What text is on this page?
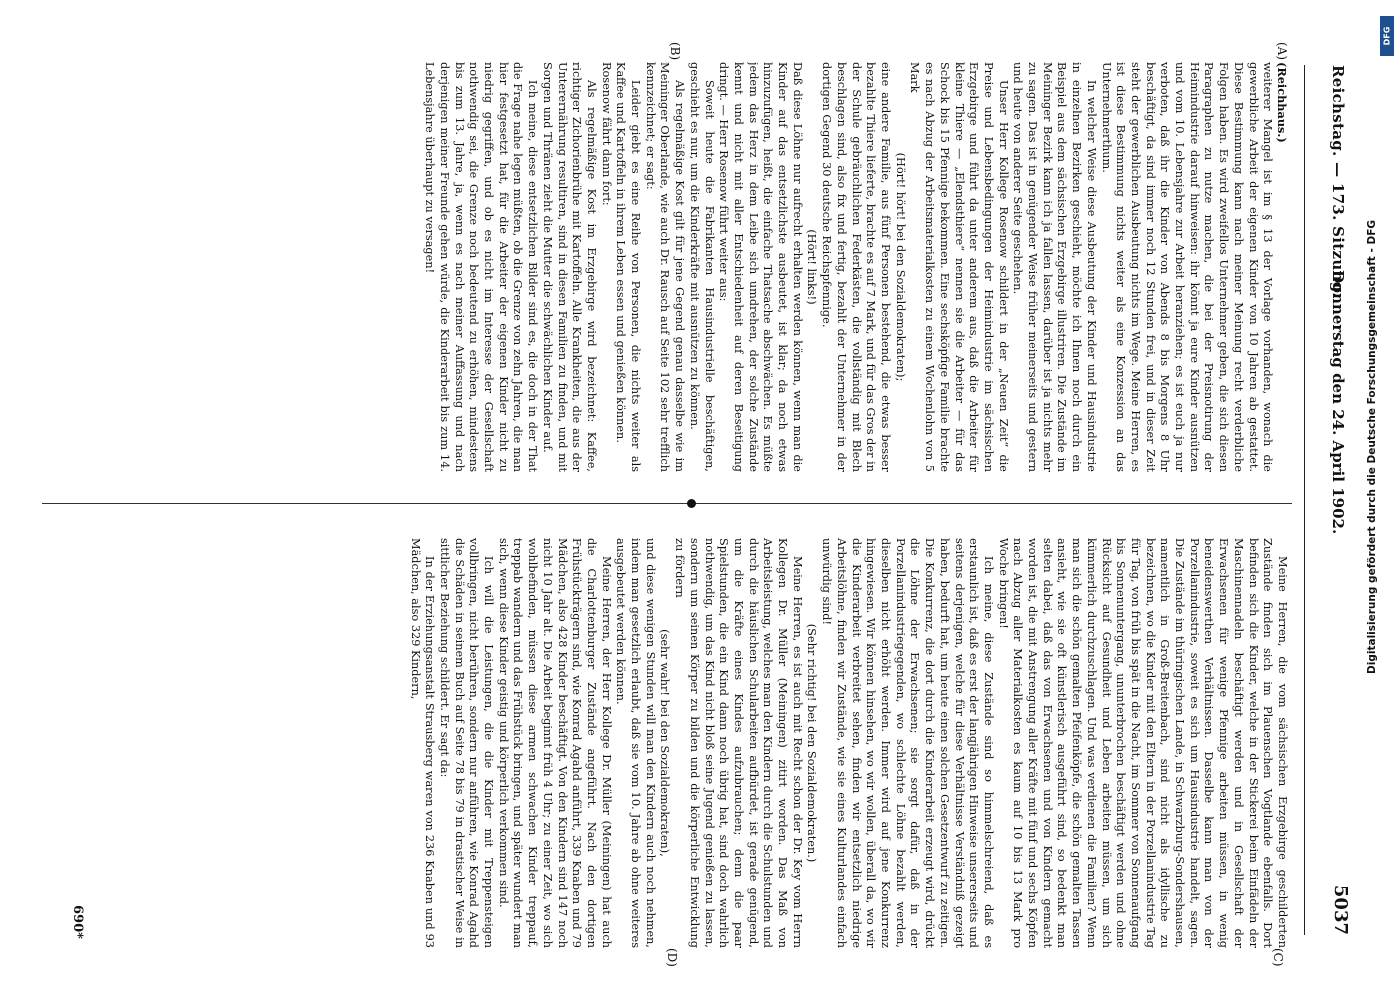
Reichstag. — 173. Sitzung.
Donnerstag den 24. April 1902.
5037
(A)
(B)
(C)
(D)

(Reichhaus.)

weiterer Mangel ist im § 13 der Vorlage vorhanden, wonach die gewerbliche Arbeit der eigenen Kinder von 10 Jahren ab gestattet. Diese Bestimmung kann nach meiner Meinung recht verderbliche Folgen haben. Es wird zweifellos Unternehmer geben, die sich diesen Paragraphen zu nutze machen, die bei der Preisnotirung der Heimindustrie darauf hinweisen: ihr könnt ja eure Kinder ausnützen und vom 10. Lebensjahre zur Arbeit heranziehen; es ist euch ja nur verboten, daß ihr die Kinder von Abends 8 bis Morgens 8 Uhr beschäftigt, da sind immer noch 12 Stunden frei, und in dieser Zeit steht der gewerblichen Ausbeutung nichts im Wege. Meine Herren, es ist diese Bestimmung nichts weiter als eine Konzession an das Unternehmerthum.

In welcher Weise diese Ausbeutung der Kinder und Hausindustrie in einzelnen Bezirken geschieht, möchte ich Ihnen noch durch ein Beispiel aus dem sächsischen Erzgebirge illustriren. Die Zustände im Meininger Bezirk kann ich ja fallen lassen, darüber ist ja nichts mehr zu sagen. Das ist in genügender Weise früher meinerseits und gestern und heute von anderer Seite geschehen.

Unser Herr Kollege Rosenow schildert in der „Neuen Zeit“ die Preise und Lebensbedingungen der Heimindustrie im sächsischen Erzgebirge und führt da unter anderem aus, daß die Arbeiter für kleine Thiere — „Elendsthiere“ nennen sie die Arbeiter — für das Schock bis 15 Pfennige bekommen. Eine sechsköpfige Familie brachte es nach Abzug der Arbeitsmaterialkosten zu einem Wochenlohn von 5 Mark

(Hört! hört! bei den Sozialdemokraten);

eine andere Familie, aus fünf Personen bestehend, die etwas besser bezahlte Thiere lieferte, brachte es auf 7 Mark, und für das Gros der in der Schule gebräuchlichen Federkästen, die vollständig mit Blech beschlagen sind, also fix und fertig, bezahlt der Unternehmer in der dortigen Gegend 30 deutsche Reichspfennige.

(Hört! links!)

Daß diese Löhne nur aufrecht erhalten werden können, wenn man die Kinder auf das entsetzlichste ausbeutet, ist klar; da noch etwas hinzuzufügen, heißt, die einfache Thatsache abschwächen. Es müßte jedem das Herz in dem Leibe sich umdrehen, der solche Zustände kennt und nicht mit aller Entschiedenheit auf deren Beseitigung dringt. — Herr Rosenow führt weiter aus:

Soweit heute die Fabrikanten Hausindustrielle beschäftigen, geschieht es nur, um die Kinderkräfte mit ausnützen zu können.

Als regelmäßige Kost gilt für jene Gegend genau dasselbe wie im Meininger Oberlande, wie auch Dr. Rausch auf Seite 102 sehr trefflich kennzeichnet; er sagt:

Leider giebt es eine Reihe von Personen, die nichts weiter als Kaffee und Kartoffeln in ihrem Leben essen und genießen können.

Rosenow fährt dann fort:

Als regelmäßige Kost im Erzgebirge wird bezeichnet: Kaffee, richtiger Zichorienbrühe mit Kartoffeln. Alle Krankheiten, die aus der Unterernährung resultiren, sind in diesen Familien zu finden, und mit Sorgen und Thränen zieht die Mutter die schwächlichen Kinder auf.

Ich meine, diese entsetzlichen Bilder sind es, die doch in der That die Frage nahe legen müßten, ob die Grenze von zehn Jahren, die man hier festgesetzt hat, für die Arbeiter der eigenen Kinder nicht zu niedrig gegriffen, und ob es nicht im Interesse der Gesellschaft nothwendig sei, die Grenze noch bedeutend zu erhöhen, mindestens bis zum 13. Jahre, ja, wenn es nach meiner Auffassung und nach derjenigen meiner Freunde gehen würde, die Kinderarbeit bis zum 14. Lebensjahre überhaupt zu versagen!

Meine Herren, die vom sächsischen Erzgebirge geschilderten Zustände finden sich im Plauenschen Vogtlande ebenfalls. Dort befinden sich die Kinder, welche in der Stickerei beim Einfädeln der Maschinennadeln beschäftigt werden und in Gesellschaft der Erwachsenen für wenige Pfennige arbeiten müssen, in wenig beneidenswerthen Verhältnissen. Dasselbe kann man von der Porzellanindustrie, soweit es sich um Hausindustrie handelt, sagen. Die Zustände im thüringischen Lande, in Schwarzburg-Sondershausen, namentlich in Groß-Breitenbach, sind nicht als idyllische zu bezeichnen, wo die Kinder mit den Eltern in der Porzellanindustrie Tag für Tag, von früh bis spät in die Nacht, im Sommer von Sonnenaufgang bis Sonnenuntergang, ununterbrochen beschäftigt werden und ohne Rücksicht auf Gesundheit und Leben arbeiten müssen, um sich kümmerlich durchzuschlagen. Und was verdienen die Familien? Wenn man sich die schön gemalten Pfeifenköpfe, die schön gemalten Tassen ansieht, wie sie oft künstlerisch ausgeführt sind, so bedenkt man selten dabei, daß das von Erwachsenen und von Kindern gemacht worden ist, die mit Anstrengung aller Kräfte mit fünf und sechs Köpfen nach Abzug aller Materialkosten es kaum auf 10 bis 13 Mark pro Woche bringen!

Ich meine, diese Zustände sind so himmelschreiend, daß es erstaunlich ist, daß es erst der langjährigen Hinweise unsererseits und seitens derjenigen, welche für diese Verhältnisse Verständniß gezeigt haben, bedurft hat, um heute einen solchen Gesetzentwurf zu zeitigen. Die Konkurrenz, die dort durch die Kinderarbeit erzeugt wird, drückt die Löhne der Erwachsenen; sie sorgt dafür, daß in der Porzellanindustriegegenden, wo schlechte Löhne bezahlt werden, dieselben nicht erhöht werden. Immer wird auf jene Konkurrenz hingewiesen. Wir können hinsehen, wo wir wollen, überall da, wo wir die Kinderarbeit verbreitet sehen, finden wir entsetzlich niedrige Arbeitslöhne, finden wir Zustände, wie sie eines Kulturlandes einfach unwürdig sind!

(Sehr richtig! bei den Sozialdemokraten.)

Meine Herren, es ist auch mit Recht schon der Dr. Key vom Herrn Kollegen Dr. Müller (Meiningen) zitirt worden. Das Maß von Arbeitsleistung, welches man den Kindern durch die Schulstunden und durch die häuslichen Schularbeiten aufbürdet, ist gerade genügend, um die Kräfte eines Kindes aufzubrauchen; denn die paar Spielstunden, die ein Kind dann noch übrig hat, sind doch wahrlich nothwendig, um das Kind nicht bloß seine Jugend genießen zu lassen, sondern um seinen Körper zu bilden und die körperliche Entwicklung zu fördern

(sehr wahr! bei den Sozialdemokraten),

und diese wenigen Stunden will man den Kindern auch noch nehmen, indem man gesetzlich erlaubt, daß sie vom 10. Jahre ab ohne weiteres ausgebeutet werden können.

Meine Herren, der Herr Kollege Dr. Müller (Meiningen) hat auch die Charlottenburger Zustände angeführt. Nach den dortigen Frühstückträgern sind, wie Konrad Agahd anführt, 339 Knaben und 79 Mädchen, also 428 Kinder beschäftigt. Von den Kindern sind 147 noch nicht 10 Jahr alt. Die Arbeit beginnt früh 4 Uhr; zu einer Zeit, wo sich wohlbefinden, müssen diese armen schwachen Kinder treppauf, treppab wandern und das Frühstück bringen, und später wundert man sich, wenn diese Kinder geistig und körperlich verkommen sind.

Ich will die Leistungen, die die Kinder mit Treppensteigen vollbringen, nicht berühren, sondern nur anführen, wie Konrad Agahd die Schäden in seinem Buch auf Seite 78 bis 79 in drastischer Weise in sittlicher Beziehung schildert. Er sagt da:

In der Erziehungsanstalt Strausberg waren von 236 Knaben und 93 Mädchen, also 329 Kindern,

690*
DFG
Digitalisierung gefördert durch die Deutsche Forschungsgemeinschaft - DFG
